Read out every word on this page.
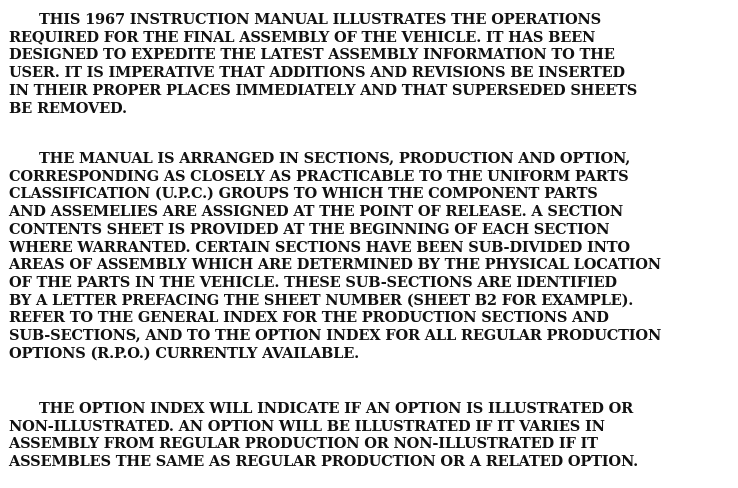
THIS 1967 INSTRUCTION MANUAL ILLUSTRATES THE OPERATIONS
REQUIRED FOR THE FINAL ASSEMBLY OF THE VEHICLE. IT HAS BEEN
DESIGNED TO EXPEDITE THE LATEST ASSEMBLY INFORMATION TO THE
USER. IT IS IMPERATIVE THAT ADDITIONS AND REVISIONS BE INSERTED
IN THEIR PROPER PLACES IMMEDIATELY AND THAT SUPERSEDED SHEETS
BE REMOVED.
THE MANUAL IS ARRANGED IN SECTIONS, PRODUCTION AND OPTION,
CORRESPONDING AS CLOSELY AS PRACTICABLE TO THE UNIFORM PARTS
CLASSIFICATION (U.P.C.) GROUPS TO WHICH THE COMPONENT PARTS
AND ASSEMELIES ARE ASSIGNED AT THE POINT OF RELEASE. A SECTION
CONTENTS SHEET IS PROVIDED AT THE BEGINNING OF EACH SECTION
WHERE WARRANTED. CERTAIN SECTIONS HAVE BEEN SUB-DIVIDED INTO
AREAS OF ASSEMBLY WHICH ARE DETERMINED BY THE PHYSICAL LOCATION
OF THE PARTS IN THE VEHICLE. THESE SUB-SECTIONS ARE IDENTIFIED
BY A LETTER PREFACING THE SHEET NUMBER (SHEET B2 FOR EXAMPLE).
REFER TO THE GENERAL INDEX FOR THE PRODUCTION SECTIONS AND
SUB-SECTIONS, AND TO THE OPTION INDEX FOR ALL REGULAR PRODUCTION
OPTIONS (R.P.O.) CURRENTLY AVAILABLE.
THE OPTION INDEX WILL INDICATE IF AN OPTION IS ILLUSTRATED OR
NON-ILLUSTRATED. AN OPTION WILL BE ILLUSTRATED IF IT VARIES IN
ASSEMBLY FROM REGULAR PRODUCTION OR NON-ILLUSTRATED IF IT
ASSEMBLES THE SAME AS REGULAR PRODUCTION OR A RELATED OPTION.
